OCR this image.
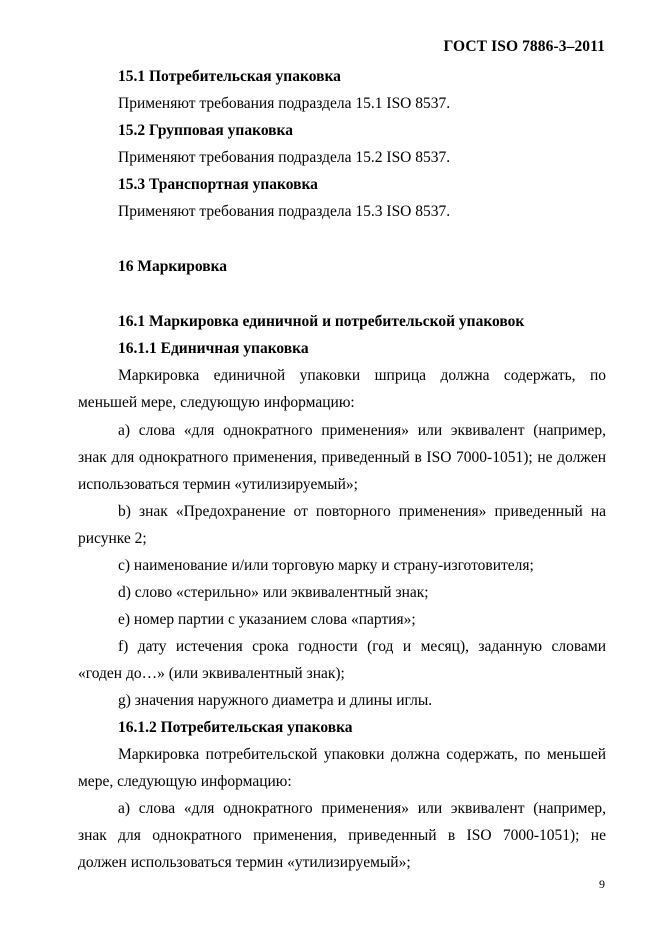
ГОСТ ISO 7886-3–2011
15.1 Потребительская упаковка
Применяют требования подраздела 15.1 ISO 8537.
15.2 Групповая упаковка
Применяют требования подраздела 15.2 ISO 8537.
15.3 Транспортная упаковка
Применяют требования подраздела 15.3 ISO 8537.
16 Маркировка
16.1 Маркировка единичной и потребительской упаковок
16.1.1 Единичная упаковка
Маркировка единичной упаковки шприца должна содержать, по
меньшей мере, следующую информацию:
a) слова «для однократного применения» или эквивалент (например,
знак для однократного применения, приведенный в ISO 7000-1051); не должен
использоваться термин «утилизируемый»;
b) знак «Предохранение от повторного применения» приведенный на
рисунке 2;
c) наименование и/или торговую марку и страну-изготовителя;
d) слово «стерильно» или эквивалентный знак;
e) номер партии с указанием слова «партия»;
f) дату истечения срока годности (год и месяц), заданную словами
«годен до…» (или эквивалентный знак);
g) значения наружного диаметра и длины иглы.
16.1.2 Потребительская упаковка
Маркировка потребительской упаковки должна содержать, по меньшей
мере, следующую информацию:
a) слова «для однократного применения» или эквивалент (например,
знак для однократного применения, приведенный в ISO 7000-1051); не
должен использоваться термин «утилизируемый»;
9
